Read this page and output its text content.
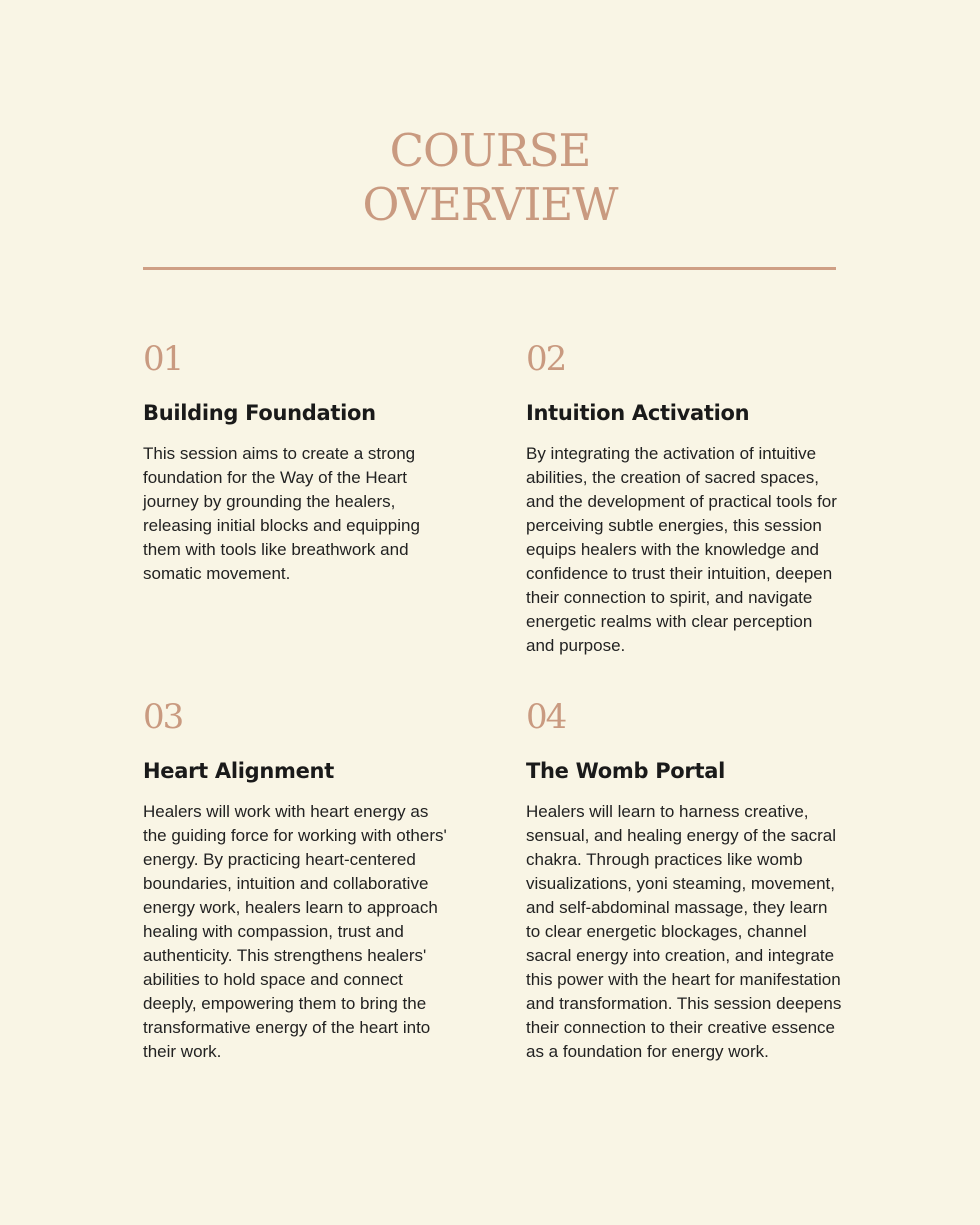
COURSE
OVERVIEW
01
Building Foundation
This session aims to create a strong foundation for the Way of the Heart journey by grounding the healers, releasing initial blocks and equipping them with tools like breathwork and somatic movement.
02
Intuition Activation
By integrating the activation of intuitive abilities, the creation of sacred spaces, and the development of practical tools for perceiving subtle energies, this session equips healers with the knowledge and confidence to trust their intuition, deepen their connection to spirit, and navigate energetic realms with clear perception and purpose.
03
Heart Alignment
Healers will work with heart energy as the guiding force for working with others' energy. By practicing heart-centered boundaries, intuition and collaborative energy work, healers learn to approach healing with compassion, trust and authenticity. This strengthens healers' abilities to hold space and connect deeply, empowering them to bring the transformative energy of the heart into their work.
04
The Womb Portal
Healers will learn to harness creative, sensual, and healing energy of the sacral chakra. Through practices like womb visualizations, yoni steaming, movement, and self-abdominal massage, they learn to clear energetic blockages, channel sacral energy into creation, and integrate this power with the heart for manifestation and transformation. This session deepens their connection to their creative essence as a foundation for energy work.
